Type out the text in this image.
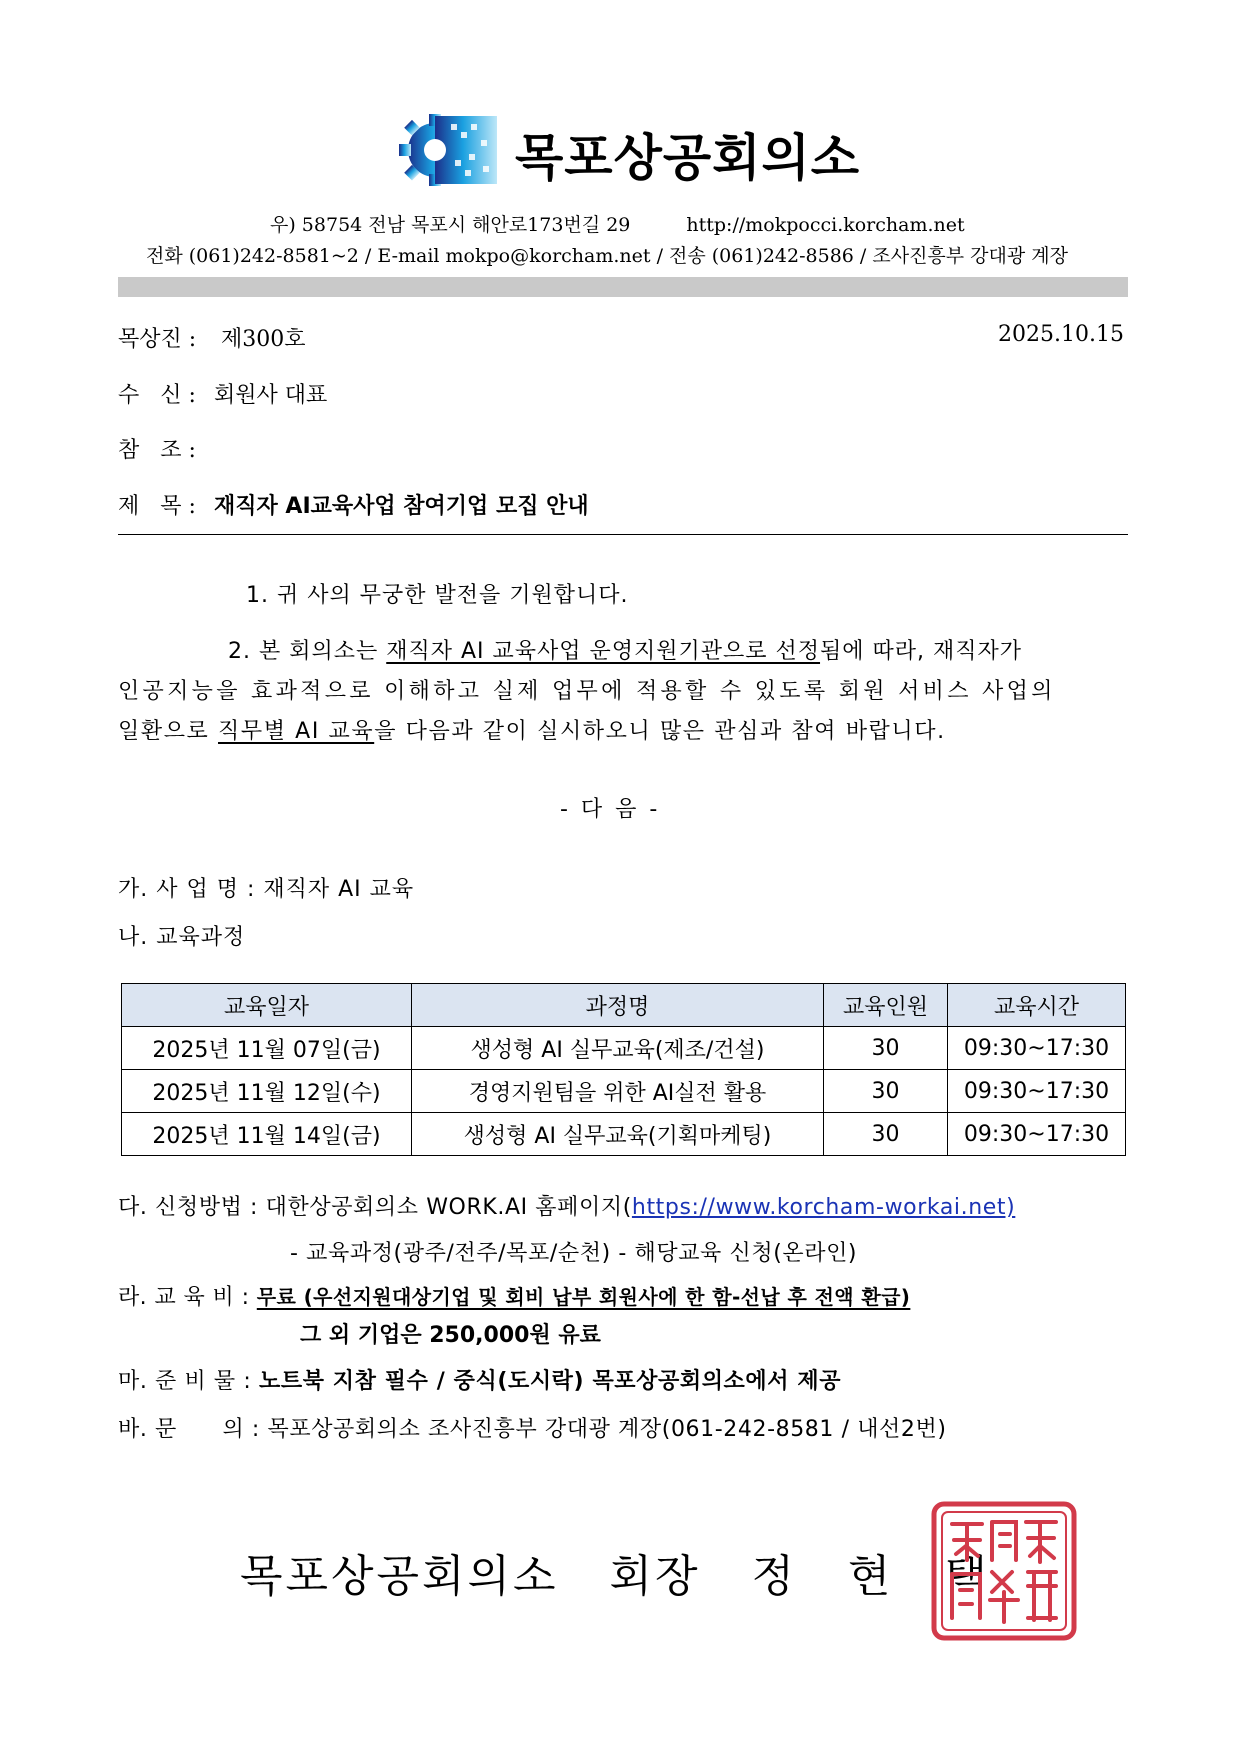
목포상공회의소
우) 58754 전남 목포시 해안로173번길 29	http://mokpocci.korcham.net
전화 (061)242-8581~2 / E-mail mokpo@korcham.net / 전송 (061)242-8586 / 조사진흥부 강대광 계장
목상진 : 제300호	2025.10.15
수   신 : 회원사 대표
참   조 :
제   목 : 재직자 AI교육사업 참여기업 모집 안내
1. 귀 사의 무궁한 발전을 기원합니다.
2. 본 회의소는 재직자 AI 교육사업 운영지원기관으로 선정됨에 따라, 재직자가
인공지능을 효과적으로 이해하고 실제 업무에 적용할 수 있도록 회원 서비스 사업의
일환으로 직무별 AI 교육을 다음과 같이 실시하오니 많은 관심과 참여 바랍니다.
- 다 음 -
가. 사 업 명 : 재직자 AI 교육
나. 교육과정
교육일자	과정명	교육인원	교육시간
2025년 11월 07일(금)	생성형 AI 실무교육(제조/건설)	30	09:30~17:30
2025년 11월 12일(수)	경영지원팀을 위한 AI실전 활용	30	09:30~17:30
2025년 11월 14일(금)	생성형 AI 실무교육(기획마케팅)	30	09:30~17:30
다. 신청방법 : 대한상공회의소 WORK.AI 홈페이지(https://www.korcham-workai.net)
- 교육과정(광주/전주/목포/순천) - 해당교육 신청(온라인)
라. 교 육 비 : 무료 (우선지원대상기업 및 회비 납부 회원사에 한 함-선납 후 전액 환급)
그 외 기업은 250,000원 유료
마. 준 비 물 : 노트북 지참 필수 / 중식(도시락) 목포상공회의소에서 제공
바. 문      의 : 목포상공회의소 조사진흥부 강대광 계장(061-242-8581 / 내선2번)
목포상공회의소   회장   정   현   택
